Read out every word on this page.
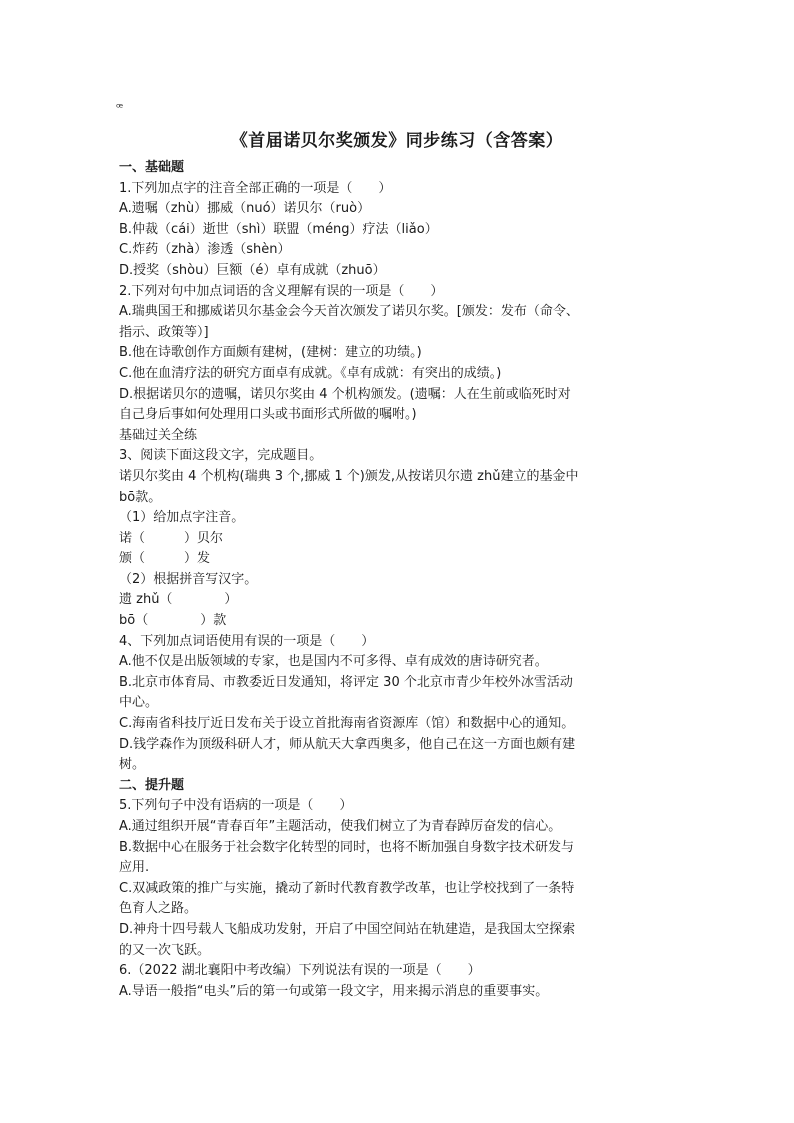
ꟹ
《首届诺贝尔奖颁发》同步练习（含答案）
一、基础题
1.下列加点字的注音全部正确的一项是（　　）
A.遗嘱（zhù）挪威（nuó）诺贝尔（ruò）
B.仲裁（cái）逝世（shì）联盟（méng）疗法（liǎo）
C.炸药（zhà）渗透（shèn）
D.授奖（shòu）巨额（é）卓有成就（zhuō）
2.下列对句中加点词语的含义理解有误的一项是（　　）
A.瑞典国王和挪威诺贝尔基金会今天首次颁发了诺贝尔奖。[颁发：发布（命令、
指示、政策等）]
B.他在诗歌创作方面颇有建树，(建树：建立的功绩。)
C.他在血清疗法的研究方面卓有成就。《卓有成就：有突出的成绩。)
D.根据诺贝尔的遗嘱，诺贝尔奖由 4 个机构颁发。(遗嘱：人在生前或临死时对
自己身后事如何处理用口头或书面形式所做的嘱咐。)
基础过关全练
3、阅读下面这段文字，完成题目。
诺贝尔奖由 4 个机构(瑞典 3 个,挪威 1 个)颁发,从按诺贝尔遗 zhǔ建立的基金中
bō款。
（1）给加点字注音。
诺（　　　）贝尔
颁（　　　）发
（2）根据拼音写汉字。
遗 zhǔ（　　　　）
bō（　　　　）款
4、下列加点词语使用有误的一项是（　　）
A.他不仅是出版领域的专家，也是国内不可多得、卓有成效的唐诗研究者。
B.北京市体育局、市教委近日发通知，将评定 30 个北京市青少年校外冰雪活动
中心。
C.海南省科技厅近日发布关于设立首批海南省资源库（馆）和数据中心的通知。
D.钱学森作为顶级科研人才，师从航天大拿西奥多，他自己在这一方面也颇有建
树。
二、提升题
5.下列句子中没有语病的一项是（　　）
A.通过组织开展“青春百年”主题活动，使我们树立了为青春踔厉奋发的信心。
B.数据中心在服务于社会数字化转型的同时，也将不断加强自身数字技术研发与
应用.
C.双减政策的推广与实施，撬动了新时代教育教学改革，也让学校找到了一条特
色育人之路。
D.神舟十四号载人飞船成功发射，开启了中国空间站在轨建造，是我国太空探索
的又一次飞跃。
6.（2022 湖北襄阳中考改编）下列说法有误的一项是（　　）
A.导语一般指“电头”后的第一句或第一段文字，用来揭示消息的重要事实。
